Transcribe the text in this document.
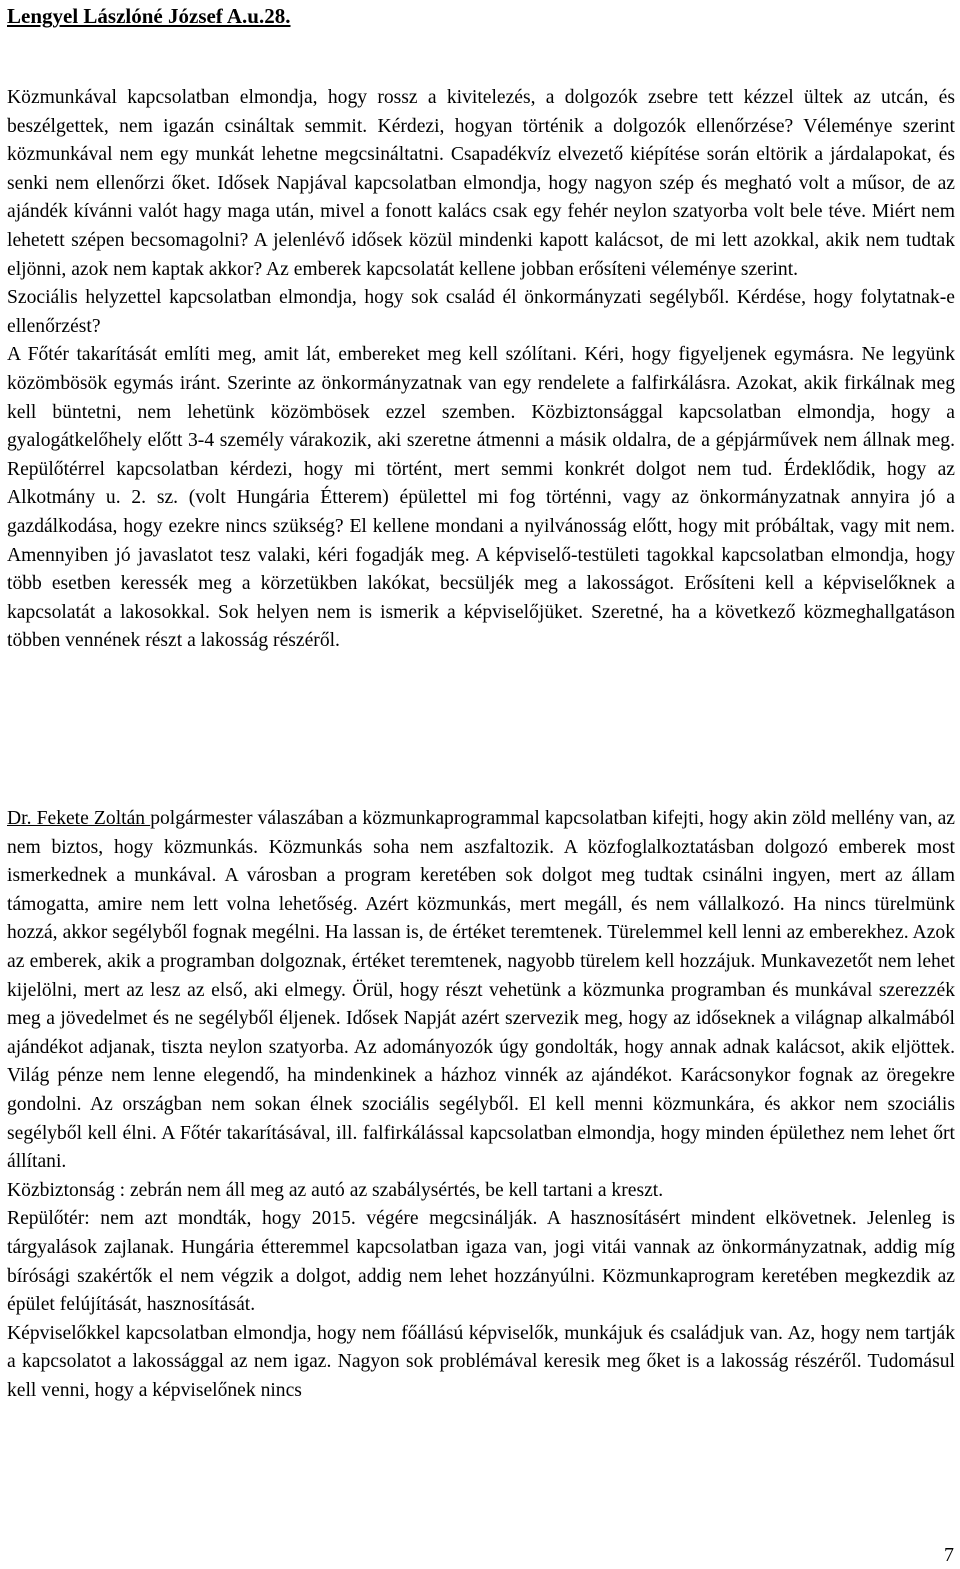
Lengyel Lászlóné József A.u.28.

Közmunkával kapcsolatban elmondja, hogy rossz a kivitelezés, a dolgozók zsebre tett kézzel ültek az utcán, és beszélgettek, nem igazán csináltak semmit. Kérdezi, hogyan történik a dolgozók ellenőrzése? Véleménye szerint közmunkával nem egy munkát lehetne megcsináltatni. Csapadékvíz elvezető kiépítése során eltörik a járdalapokat, és senki nem ellenőrzi őket. Idősek Napjával kapcsolatban elmondja, hogy nagyon szép és megható volt a műsor, de az ajándék kívánni valót hagy maga után, mivel a fonott kalács csak egy fehér neylon szatyorba volt bele téve. Miért nem lehetett szépen becsomagolni? A jelenlévő idősek közül mindenki kapott kalácsot, de mi lett azokkal, akik nem tudtak eljönni, azok nem kaptak akkor? Az emberek kapcsolatát kellene jobban erősíteni véleménye szerint.

Szociális helyzettel kapcsolatban elmondja, hogy sok család él önkormányzati segélyből. Kérdése, hogy folytatnak-e ellenőrzést?

A Főtér takarítását említi meg, amit lát, embereket meg kell szólítani. Kéri, hogy figyeljenek egymásra. Ne legyünk közömbösök egymás iránt. Szerinte az önkormányzatnak van egy rendelete a falfirkálásra. Azokat, akik firkálnak meg kell büntetni, nem lehetünk közömbösek ezzel szemben. Közbiztonsággal kapcsolatban elmondja, hogy a gyalogátkelőhely előtt 3-4 személy várakozik, aki szeretne átmenni a másik oldalra, de a gépjárművek nem állnak meg. Repülőtérrel kapcsolatban kérdezi, hogy mi történt, mert semmi konkrét dolgot nem tud. Érdeklődik, hogy az Alkotmány u. 2. sz. (volt Hungária Étterem) épülettel mi fog történni, vagy az önkormányzatnak annyira jó a gazdálkodása, hogy ezekre nincs szükség? El kellene mondani a nyilvánosság előtt, hogy mit próbáltak, vagy mit nem. Amennyiben jó javaslatot tesz valaki, kéri fogadják meg. A képviselő-testületi tagokkal kapcsolatban elmondja, hogy több esetben keressék meg a körzetükben lakókat, becsüljék meg a lakosságot. Erősíteni kell a képviselőknek a kapcsolatát a lakosokkal. Sok helyen nem is ismerik a képviselőjüket. Szeretné, ha a következő közmeghallgatáson többen vennének részt a lakosság részéről.

Dr. Fekete Zoltán polgármester válaszában a közmunkaprogrammal kapcsolatban kifejti, hogy akin zöld mellény van, az nem biztos, hogy közmunkás. Közmunkás soha nem aszfaltozik. A közfoglalkoztatásban dolgozó emberek most ismerkednek a munkával. A városban a program keretében sok dolgot meg tudtak csinálni ingyen, mert az állam támogatta, amire nem lett volna lehetőség. Azért közmunkás, mert megáll, és nem vállalkozó. Ha nincs türelmünk hozzá, akkor segélyből fognak megélni. Ha lassan is, de értéket teremtenek. Türelemmel kell lenni az emberekhez. Azok az emberek, akik a programban dolgoznak, értéket teremtenek, nagyobb türelem kell hozzájuk. Munkavezetőt nem lehet kijelölni, mert az lesz az első, aki elmegy. Örül, hogy részt vehetünk a közmunka programban és munkával szerezzék meg a jövedelmet és ne segélyből éljenek. Idősek Napját azért szervezik meg, hogy az időseknek a világnap alkalmából ajándékot adjanak, tiszta neylon szatyorba. Az adományozók úgy gondolták, hogy annak adnak kalácsot, akik eljöttek. Világ pénze nem lenne elegendő, ha mindenkinek a házhoz vinnék az ajándékot. Karácsonykor fognak az öregekre gondolni. Az országban nem sokan élnek szociális segélyből. El kell menni közmunkára, és akkor nem szociális segélyből kell élni. A Főtér takarításával, ill. falfirkálással kapcsolatban elmondja, hogy minden épülethez nem lehet őrt állítani.

Közbiztonság : zebrán nem áll meg az autó az szabálysértés, be kell tartani a kreszt.

Repülőtér: nem azt mondták, hogy 2015. végére megcsinálják. A hasznosításért mindent elkövetnek. Jelenleg is tárgyalások zajlanak. Hungária étteremmel kapcsolatban igaza van, jogi vitái vannak az önkormányzatnak, addig míg bírósági szakértők el nem végzik a dolgot, addig nem lehet hozzányúlni. Közmunkaprogram keretében megkezdik az épület felújítását, hasznosítását.

Képviselőkkel kapcsolatban elmondja, hogy nem főállású képviselők, munkájuk és családjuk van. Az, hogy nem tartják a kapcsolatot a lakossággal az nem igaz. Nagyon sok problémával keresik meg őket is a lakosság részéről. Tudomásul kell venni, hogy a képviselőnek nincs

7
